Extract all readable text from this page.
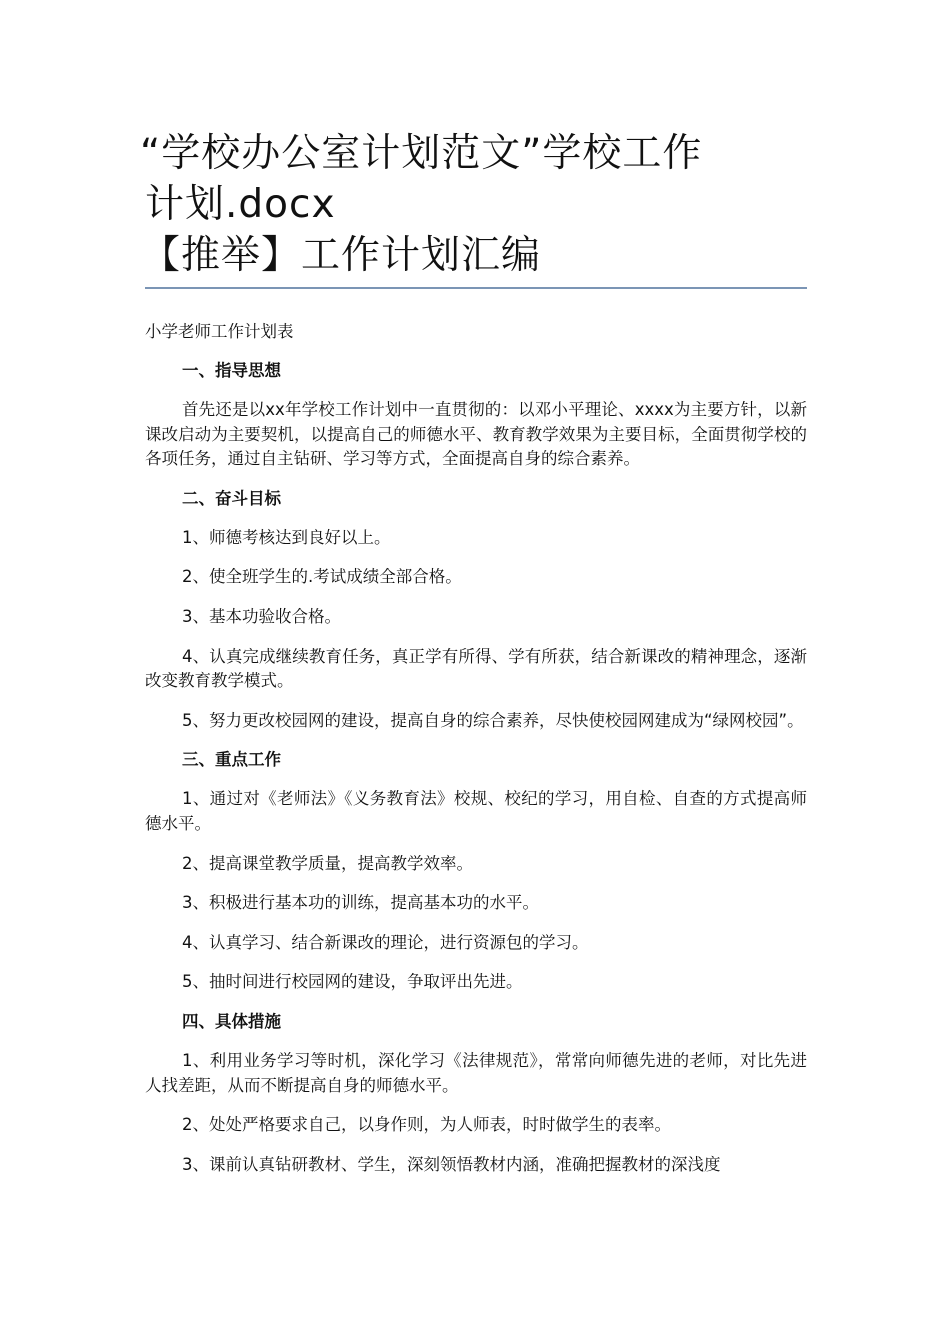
“学校办公室计划范文”学校工作
计划.docx
【推举】工作计划汇编
小学老师工作计划表
一、指导思想
首先还是以xx年学校工作计划中一直贯彻的：以邓小平理论、xxxx为主要方针，以新课改启动为主要契机，以提高自己的师德水平、教育教学效果为主要目标，全面贯彻学校的各项任务，通过自主钻研、学习等方式，全面提高自身的综合素养。
二、奋斗目标
1、师德考核达到良好以上。
2、使全班学生的.考试成绩全部合格。
3、基本功验收合格。
4、认真完成继续教育任务，真正学有所得、学有所获，结合新课改的精神理念，逐渐改变教育教学模式。
5、努力更改校园网的建设，提高自身的综合素养，尽快使校园网建成为“绿网校园”。
三、重点工作
1、通过对《老师法》《义务教育法》校规、校纪的学习，用自检、自查的方式提高师德水平。
2、提高课堂教学质量，提高教学效率。
3、积极进行基本功的训练，提高基本功的水平。
4、认真学习、结合新课改的理论，进行资源包的学习。
5、抽时间进行校园网的建设，争取评出先进。
四、具体措施
1、利用业务学习等时机，深化学习《法律规范》，常常向师德先进的老师，对比先进人找差距，从而不断提高自身的师德水平。
2、处处严格要求自己，以身作则，为人师表，时时做学生的表率。
3、课前认真钻研教材、学生，深刻领悟教材内涵，准确把握教材的深浅度
